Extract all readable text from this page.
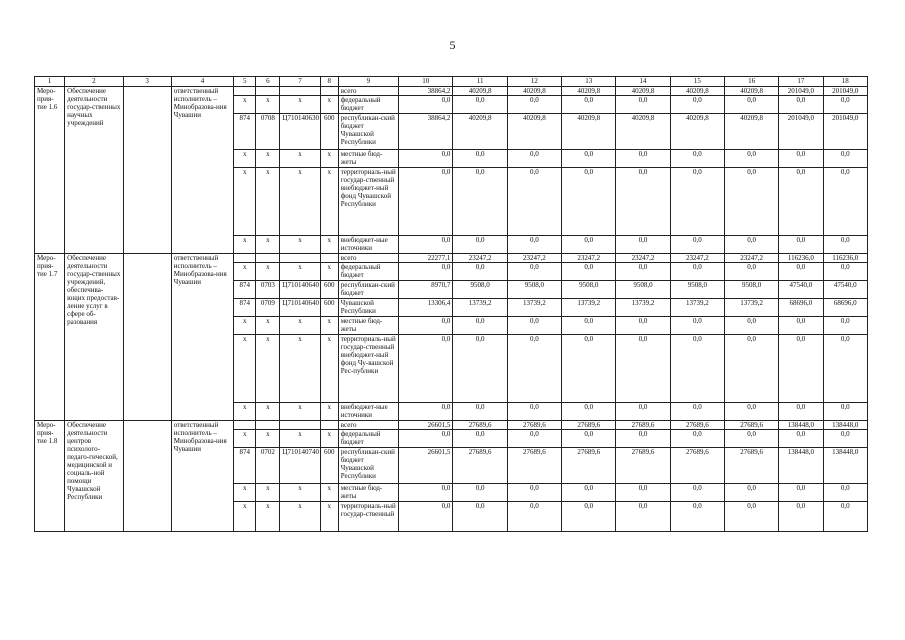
5
1	2	3	4	5	6	7	8	9	10	11	12	13	14	15	16	17	18
Меро-прия-тие 1.6	Обеспечение деятельности государ-ственных научных учреждений		ответственный исполнитель – Минобразова-ния Чувашии					всего	38864,2	40209,8	40209,8	40209,8	40209,8	40209,8	40209,8	201049,0	201049,0
				x	x	x	x	федеральный бюджет	0,0	0,0	0,0	0,0	0,0	0,0	0,0	0,0	0,0
				874	0708	Ц710140630	600	республикан-ский бюджет Чувашской Республики	38864,2	40209,8	40209,8	40209,8	40209,8	40209,8	40209,8	201049,0	201049,0
				x	x	x	x	местные бюд-жеты	0,0	0,0	0,0	0,0	0,0	0,0	0,0	0,0	0,0
				x	x	x	x	территориаль-ный государ-ственный внебюджет-ный фонд Чувашской Республики	0,0	0,0	0,0	0,0	0,0	0,0	0,0	0,0	0,0
				x	x	x	x	внебюджет-ные источники	0,0	0,0	0,0	0,0	0,0	0,0	0,0	0,0	0,0
Меро-прия-тие 1.7	Обеспечение деятельности государ-ственных учреждений, обеспечива-ющих предостав-ление услуг в сфере об-разования		ответственный исполнитель – Минобразова-ния Чувашии					всего	22277,1	23247,2	23247,2	23247,2	23247,2	23247,2	23247,2	116236,0	116236,0
				x	x	x	x	федеральный бюджет	0,0	0,0	0,0	0,0	0,0	0,0	0,0	0,0	0,0
				874	0703	Ц710140640	600	республикан-ский бюджет	8970,7	9508,0	9508,0	9508,0	9508,0	9508,0	9508,0	47540,0	47540,0
				874	0709	Ц710140640	600	Чувашской Республики	13306,4	13739,2	13739,2	13739,2	13739,2	13739,2	13739,2	68696,0	68696,0
				x	x	x	x	местные бюд-жеты	0,0	0,0	0,0	0,0	0,0	0,0	0,0	0,0	0,0
				x	x	x	x	территориаль-ный государ-ственный внебюджет-ный фонд Чу-вашской Рес-публики	0,0	0,0	0,0	0,0	0,0	0,0	0,0	0,0	0,0
				x	x	x	x	внебюджет-ные источники	0,0	0,0	0,0	0,0	0,0	0,0	0,0	0,0	0,0
Меро-прия-тие 1.8	Обеспечение деятельности центров психолого-педаго-гической, медицинской и социаль-ной помощи Чувашской Республики		ответственный исполнитель – Минобразова-ния Чувашии					всего	26601,5	27689,6	27689,6	27689,6	27689,6	27689,6	27689,6	138448,0	138448,0
				x	x	x	x	федеральный бюджет	0,0	0,0	0,0	0,0	0,0	0,0	0,0	0,0	0,0
				874	0702	Ц710140740	600	республикан-ский бюджет Чувашской Республики	26601,5	27689,6	27689,6	27689,6	27689,6	27689,6	27689,6	138448,0	138448,0
				x	x	x	x	местные бюд-жеты	0,0	0,0	0,0	0,0	0,0	0,0	0,0	0,0	0,0
				x	x	x	x	территориаль-ный государ-ственный	0,0	0,0	0,0	0,0	0,0	0,0	0,0	0,0	0,0
